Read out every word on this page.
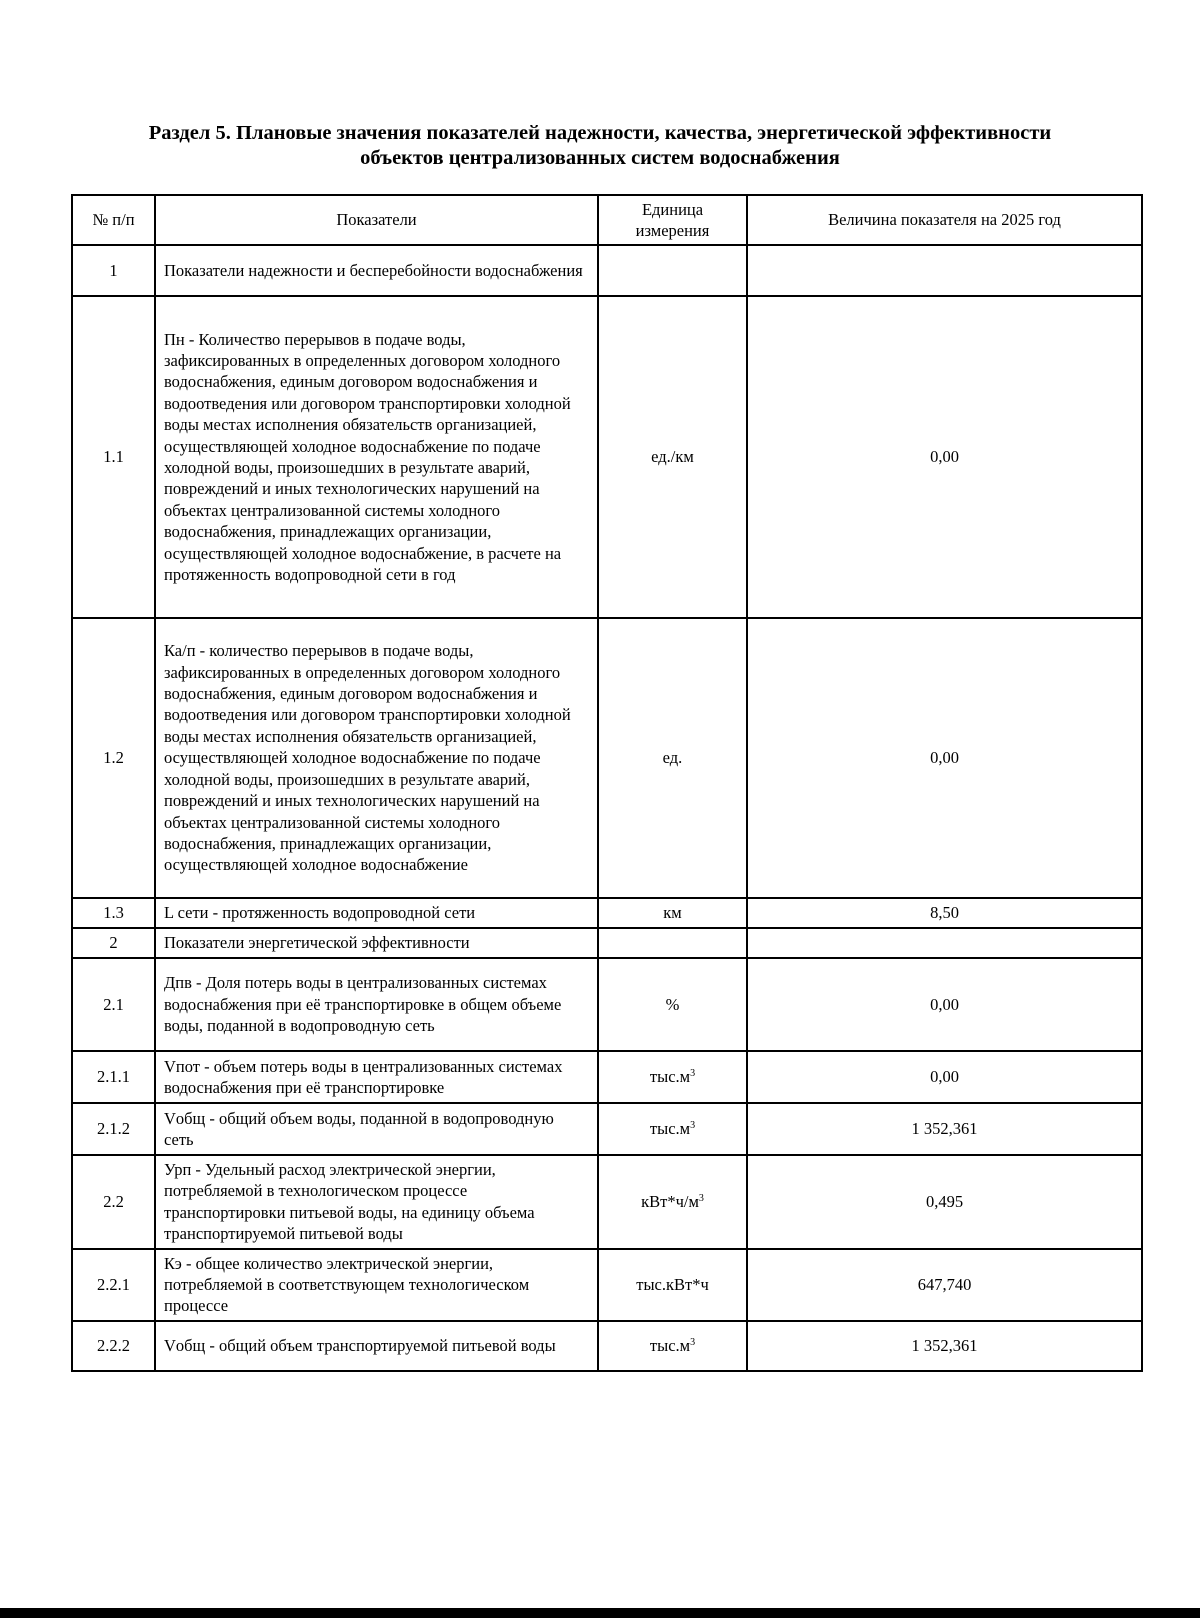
Раздел 5. Плановые значения показателей надежности, качества, энергетической эффективности
объектов централизованных систем водоснабжения
№ п/п	Показатели	Единица измерения	Величина показателя на 2025 год
1	Показатели надежности и бесперебойности водоснабжения		
1.1	Пн - Количество перерывов в подаче воды, зафиксированных в определенных договором холодного водоснабжения, единым договором водоснабжения и водоотведения или договором транспортировки холодной воды местах исполнения обязательств организацией, осуществляющей холодное водоснабжение по подаче холодной воды, произошедших в результате аварий, повреждений и иных технологических нарушений на объектах централизованной системы холодного водоснабжения, принадлежащих организации, осуществляющей холодное водоснабжение, в расчете на протяженность водопроводной сети в год	ед./км	0,00
1.2	Ка/п - количество перерывов в подаче воды, зафиксированных в определенных договором холодного водоснабжения, единым договором водоснабжения и водоотведения или договором транспортировки холодной воды местах исполнения обязательств организацией, осуществляющей холодное водоснабжение по подаче холодной воды, произошедших в результате аварий, повреждений и иных технологических нарушений на объектах централизованной системы холодного водоснабжения, принадлежащих организации, осуществляющей холодное водоснабжение	ед.	0,00
1.3	L сети - протяженность водопроводной сети	км	8,50
2	Показатели энергетической эффективности		
2.1	Дпв - Доля потерь воды в централизованных системах водоснабжения при её транспортировке в общем объеме воды, поданной в водопроводную сеть	%	0,00
2.1.1	Vпот - объем потерь воды в централизованных системах водоснабжения при её транспортировке	$тыс.м^3$	0,00
2.1.2	Vобщ - общий объем воды, поданной в водопроводную сеть	$тыс.м^3$	1 352,361
2.2	Урп - Удельный расход электрической энергии, потребляемой в технологическом процессе транспортировки питьевой воды, на единицу объема транспортируемой питьевой воды	$кВт*ч/м^3$	0,495
2.2.1	Кэ - общее количество электрической энергии, потребляемой в соответствующем технологическом процессе	тыс.кВт*ч	647,740
2.2.2	Vобщ - общий объем транспортируемой питьевой воды	$тыс.м^3$	1 352,361
